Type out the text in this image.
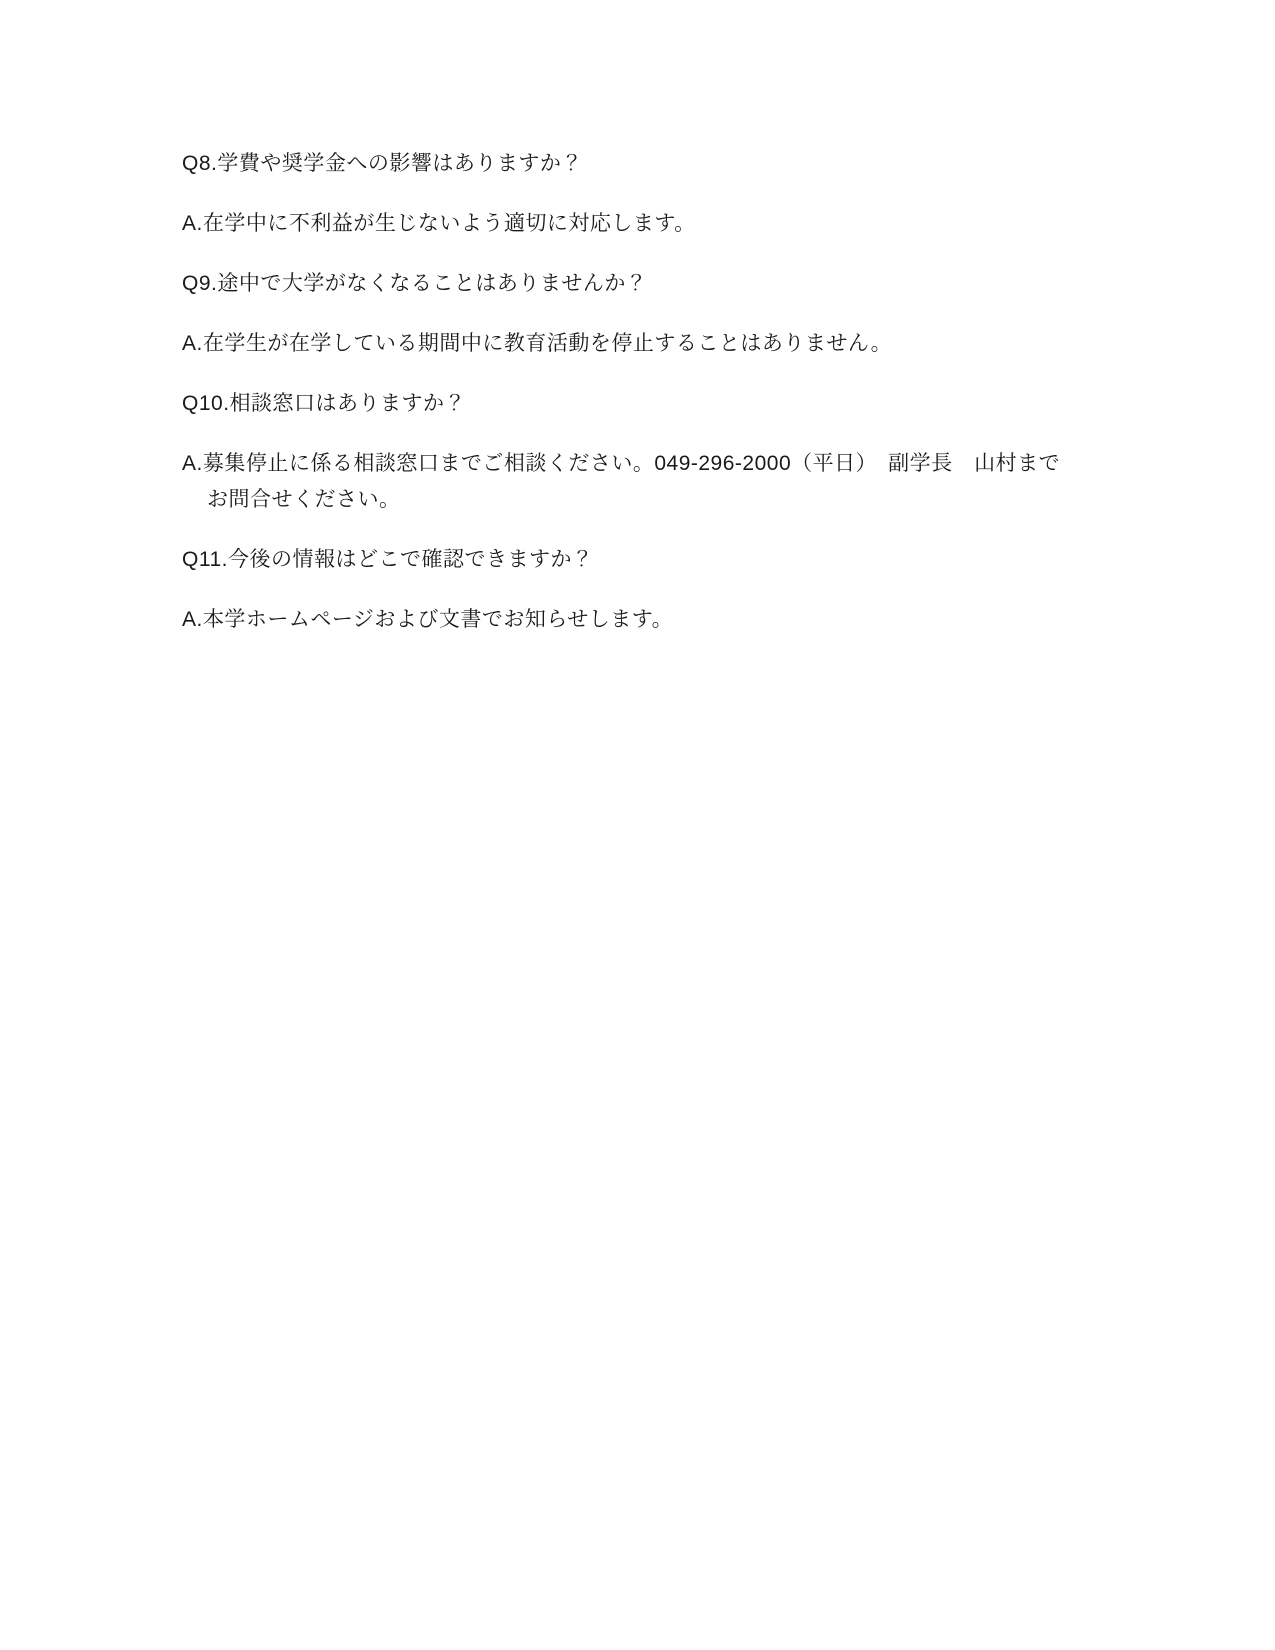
Q8.学費や奨学金への影響はありますか？

A.在学中に不利益が生じないよう適切に対応します。

Q9.途中で大学がなくなることはありませんか？

A.在学生が在学している期間中に教育活動を停止することはありません。

Q10.相談窓口はありますか？

A.募集停止に係る相談窓口までご相談ください。049-296-2000（平日）　副学長　山村まで
お問合せください。

Q11.今後の情報はどこで確認できますか？

A.本学ホームページおよび文書でお知らせします。
